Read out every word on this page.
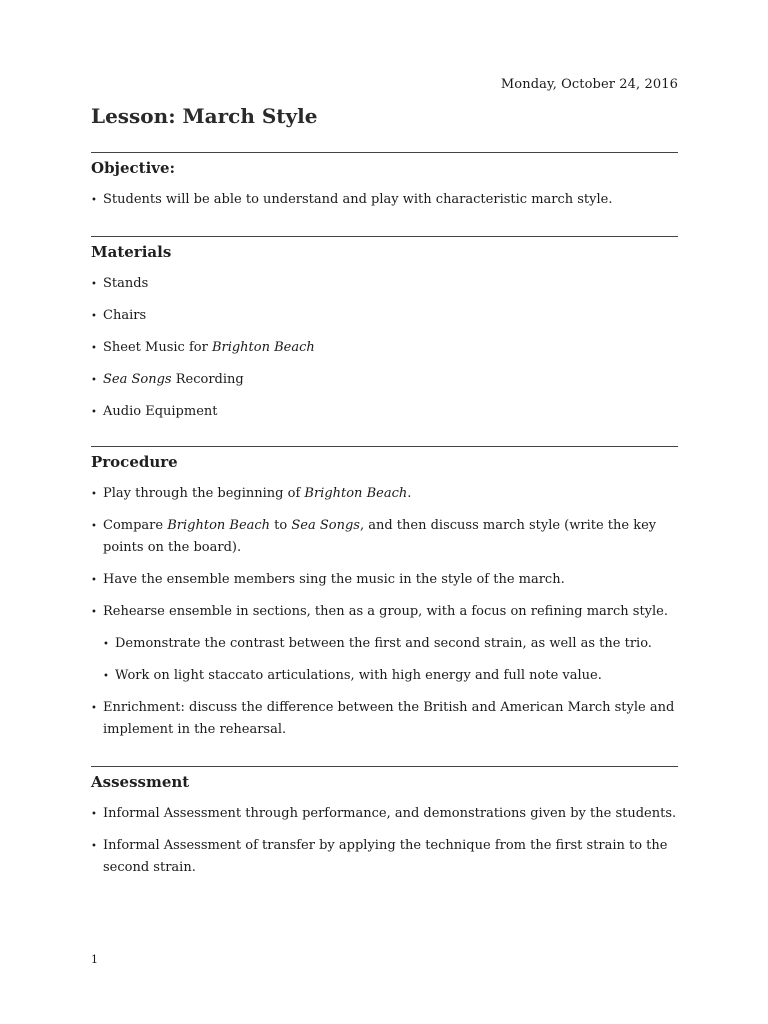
Monday, October 24, 2016
Lesson: March Style
Objective:
• Students will be able to understand and play with characteristic march style.
Materials
• Stands
• Chairs
• Sheet Music for Brighton Beach
• Sea Songs Recording
• Audio Equipment
Procedure
• Play through the beginning of Brighton Beach.
• Compare Brighton Beach to Sea Songs, and then discuss march style (write the key points on the board).
• Have the ensemble members sing the music in the style of the march.
• Rehearse ensemble in sections, then as a group, with a focus on refining march style.
• Demonstrate the contrast between the first and second strain, as well as the trio.
• Work on light staccato articulations, with high energy and full note value.
• Enrichment: discuss the difference between the British and American March style and implement in the rehearsal.
Assessment
• Informal Assessment through performance, and demonstrations given by the students.
• Informal Assessment of transfer by applying the technique from the first strain to the second strain.
1
